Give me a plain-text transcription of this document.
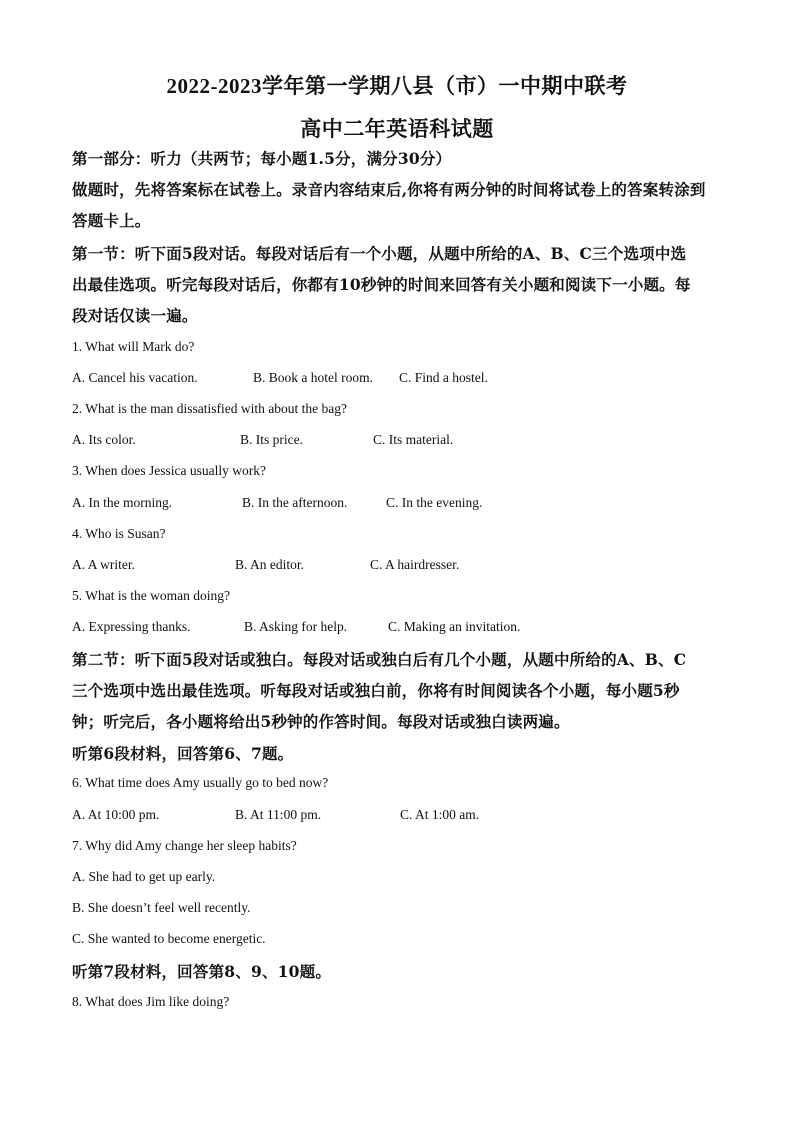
2022-2023学年第一学期八县（市）一中期中联考
高中二年英语科试题
第一部分：听力（共两节；每小题1.5分，满分30分）
做题时，先将答案标在试卷上。录音内容结束后,你将有两分钟的时间将试卷上的答案转涂到
答题卡上。
第一节：听下面5段对话。每段对话后有一个小题，从题中所给的A、B、C三个选项中选
出最佳选项。听完每段对话后，你都有10秒钟的时间来回答有关小题和阅读下一小题。每
段对话仅读一遍。
1. What will Mark do?
A. Cancel his vacation.	B. Book a hotel room. C. Find a hostel.
2. What is the man dissatisfied with about the bag?
A. Its color.	B. Its price.	C. Its material.
3. When does Jessica usually work?
A. In the morning.	B. In the afternoon.	C. In the evening.
4. Who is Susan?
A. A writer.	B. An editor.	C. A hairdresser.
5. What is the woman doing?
A. Expressing thanks.	B. Asking for help.	C. Making an invitation.
第二节：听下面5段对话或独白。每段对话或独白后有几个小题，从题中所给的A、B、C
三个选项中选出最佳选项。听每段对话或独白前，你将有时间阅读各个小题，每小题5秒
钟；听完后，各小题将给出5秒钟的作答时间。每段对话或独白读两遍。
听第6段材料，回答第6、7题。
6. What time does Amy usually go to bed now?
A. At 10:00 pm.	B. At 11:00 pm.	C. At 1:00 am.
7. Why did Amy change her sleep habits?
A. She had to get up early.
B. She doesn’t feel well recently.
C. She wanted to become energetic.
听第7段材料，回答第8、9、10题。
8. What does Jim like doing?
